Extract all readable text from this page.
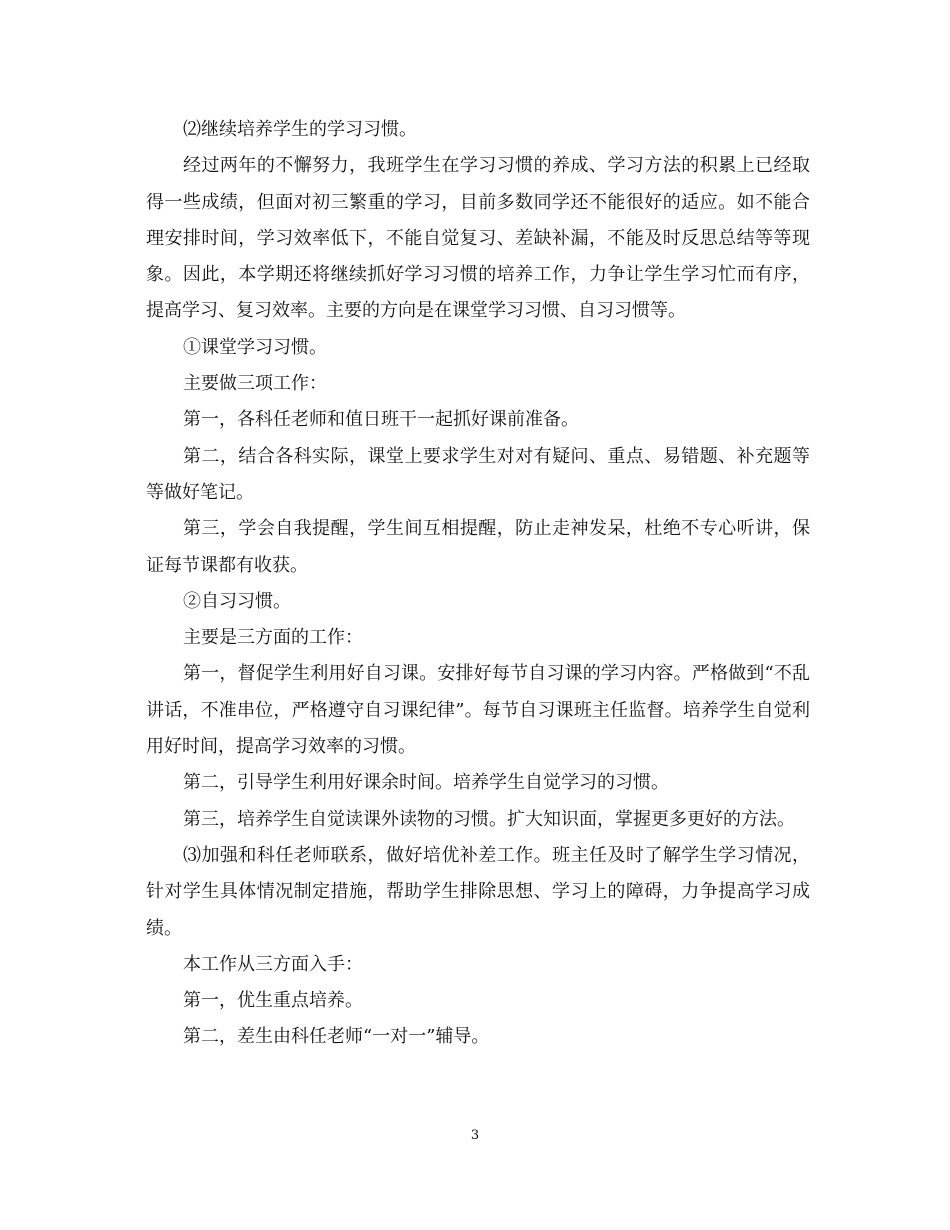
⑵继续培养学生的学习习惯。

经过两年的不懈努力，我班学生在学习习惯的养成、学习方法的积累上已经取得一些成绩，但面对初三繁重的学习，目前多数同学还不能很好的适应。如不能合理安排时间，学习效率低下，不能自觉复习、差缺补漏，不能及时反思总结等等现象。因此，本学期还将继续抓好学习习惯的培养工作，力争让学生学习忙而有序，提高学习、复习效率。主要的方向是在课堂学习习惯、自习习惯等。

①课堂学习习惯。

主要做三项工作：

第一，各科任老师和值日班干一起抓好课前准备。

第二，结合各科实际，课堂上要求学生对对有疑问、重点、易错题、补充题等等做好笔记。

第三，学会自我提醒，学生间互相提醒，防止走神发呆，杜绝不专心听讲，保证每节课都有收获。

②自习习惯。

主要是三方面的工作：

第一，督促学生利用好自习课。安排好每节自习课的学习内容。严格做到“不乱讲话，不准串位，严格遵守自习课纪律”。每节自习课班主任监督。培养学生自觉利用好时间，提高学习效率的习惯。

第二，引导学生利用好课余时间。培养学生自觉学习的习惯。

第三，培养学生自觉读课外读物的习惯。扩大知识面，掌握更多更好的方法。

⑶加强和科任老师联系，做好培优补差工作。班主任及时了解学生学习情况，针对学生具体情况制定措施，帮助学生排除思想、学习上的障碍，力争提高学习成绩。

本工作从三方面入手：

第一，优生重点培养。

第二，差生由科任老师“一对一”辅导。

3
